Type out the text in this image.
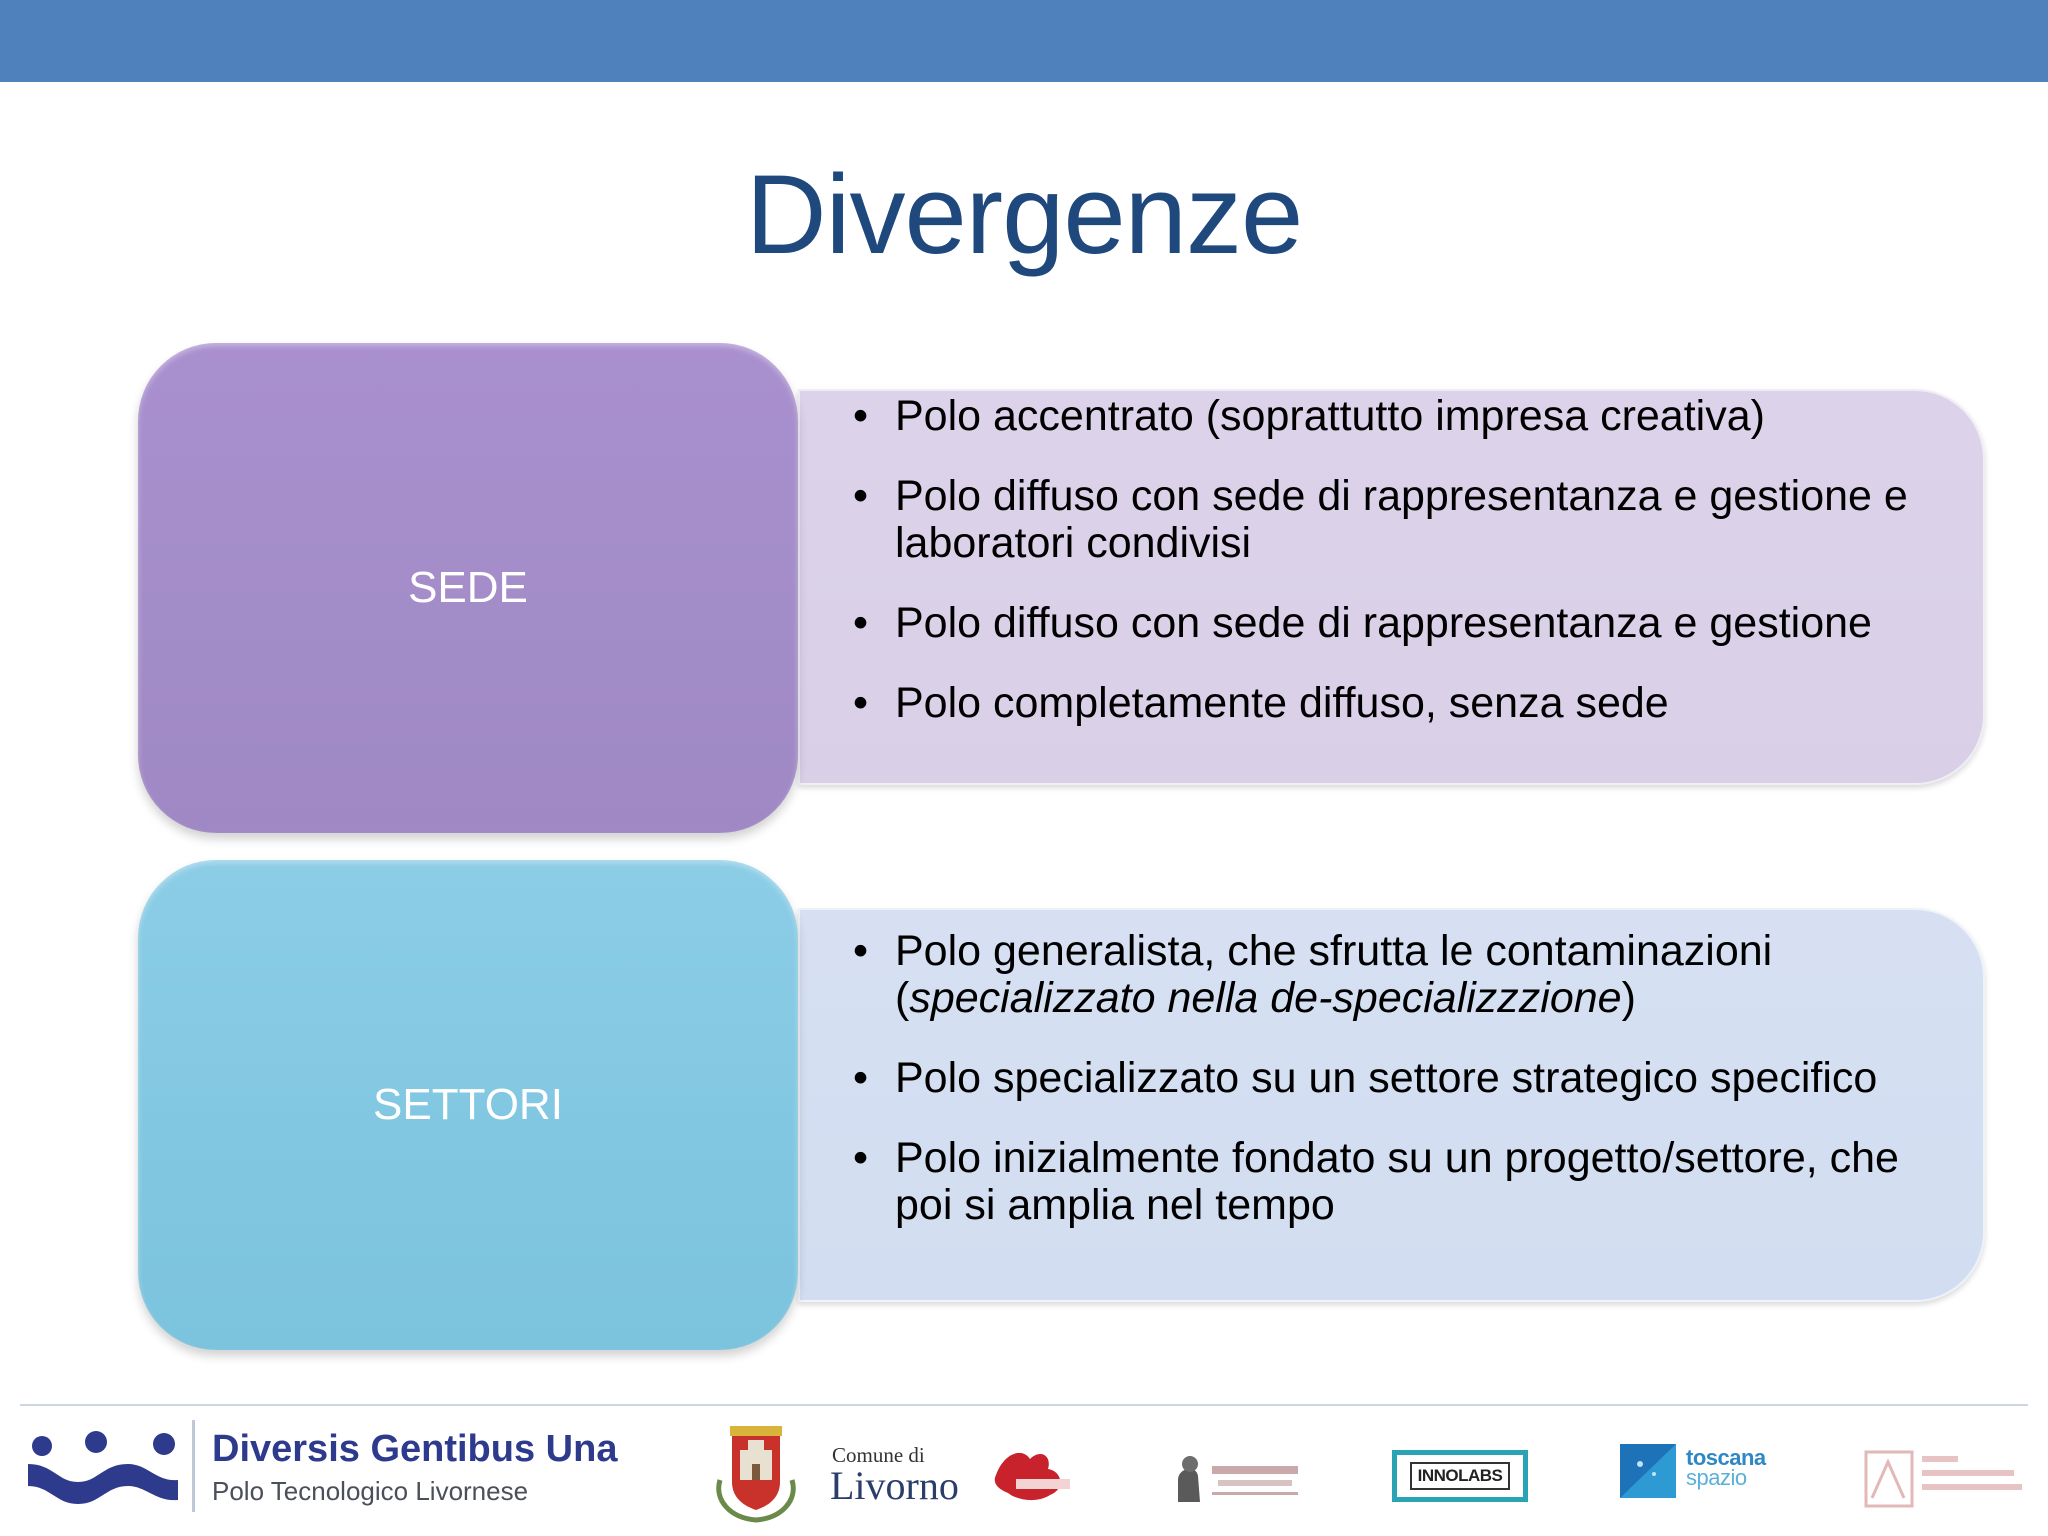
Divergenze
SEDE
• Polo accentrato (soprattutto impresa creativa)
• Polo diffuso con sede di rappresentanza e gestione e laboratori condivisi
• Polo diffuso con sede di rappresentanza e gestione
• Polo completamente diffuso, senza sede
SETTORI
• Polo generalista, che sfrutta le contaminazioni (specializzato nella de-specializzzione)
• Polo specializzato su un settore strategico specifico
• Polo inizialmente fondato su un progetto/settore, che poi si amplia nel tempo
Diversis Gentibus Una
Polo Tecnologico Livornese
Comune di
Livorno	INNOLABS
toscana
spazio
